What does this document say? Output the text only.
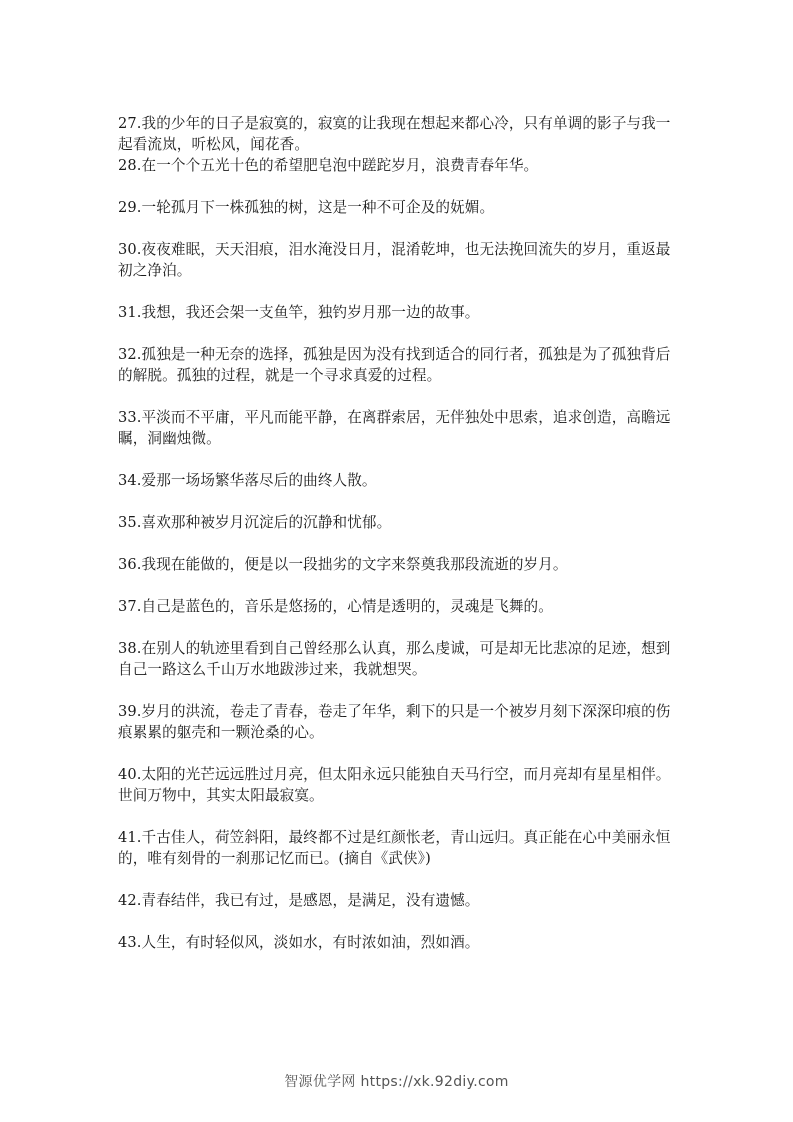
27.我的少年的日子是寂寞的，寂寞的让我现在想起来都心冷，只有单调的影子与我一起看流岚，听松风，闻花香。

28.在一个个五光十色的希望肥皂泡中蹉跎岁月，浪费青春年华。

29.一轮孤月下一株孤独的树，这是一种不可企及的妩媚。

30.夜夜难眠，天天泪痕，泪水淹没日月，混淆乾坤，也无法挽回流失的岁月，重返最初之净泊。

31.我想，我还会架一支鱼竿，独钓岁月那一边的故事。

32.孤独是一种无奈的选择，孤独是因为没有找到适合的同行者，孤独是为了孤独背后的解脱。孤独的过程，就是一个寻求真爱的过程。

33.平淡而不平庸，平凡而能平静，在离群索居，无伴独处中思索，追求创造，高瞻远瞩，洞幽烛微。

34.爱那一场场繁华落尽后的曲终人散。

35.喜欢那种被岁月沉淀后的沉静和忧郁。

36.我现在能做的，便是以一段拙劣的文字来祭奠我那段流逝的岁月。

37.自己是蓝色的，音乐是悠扬的，心情是透明的，灵魂是飞舞的。

38.在别人的轨迹里看到自己曾经那么认真，那么虔诚，可是却无比悲凉的足迹，想到自己一路这么千山万水地跋涉过来，我就想哭。

39.岁月的洪流，卷走了青春，卷走了年华，剩下的只是一个被岁月刻下深深印痕的伤痕累累的躯壳和一颗沧桑的心。

40.太阳的光芒远远胜过月亮，但太阳永远只能独自天马行空，而月亮却有星星相伴。世间万物中，其实太阳最寂寞。

41.千古佳人，荷笠斜阳，最终都不过是红颜怅老，青山远归。真正能在心中美丽永恒的，唯有刻骨的一刹那记忆而已。(摘自《武侠》)

42.青春结伴，我已有过，是感恩，是满足，没有遗憾。

43.人生，有时轻似风，淡如水，有时浓如油，烈如酒。

智源优学网 https://xk.92diy.com
